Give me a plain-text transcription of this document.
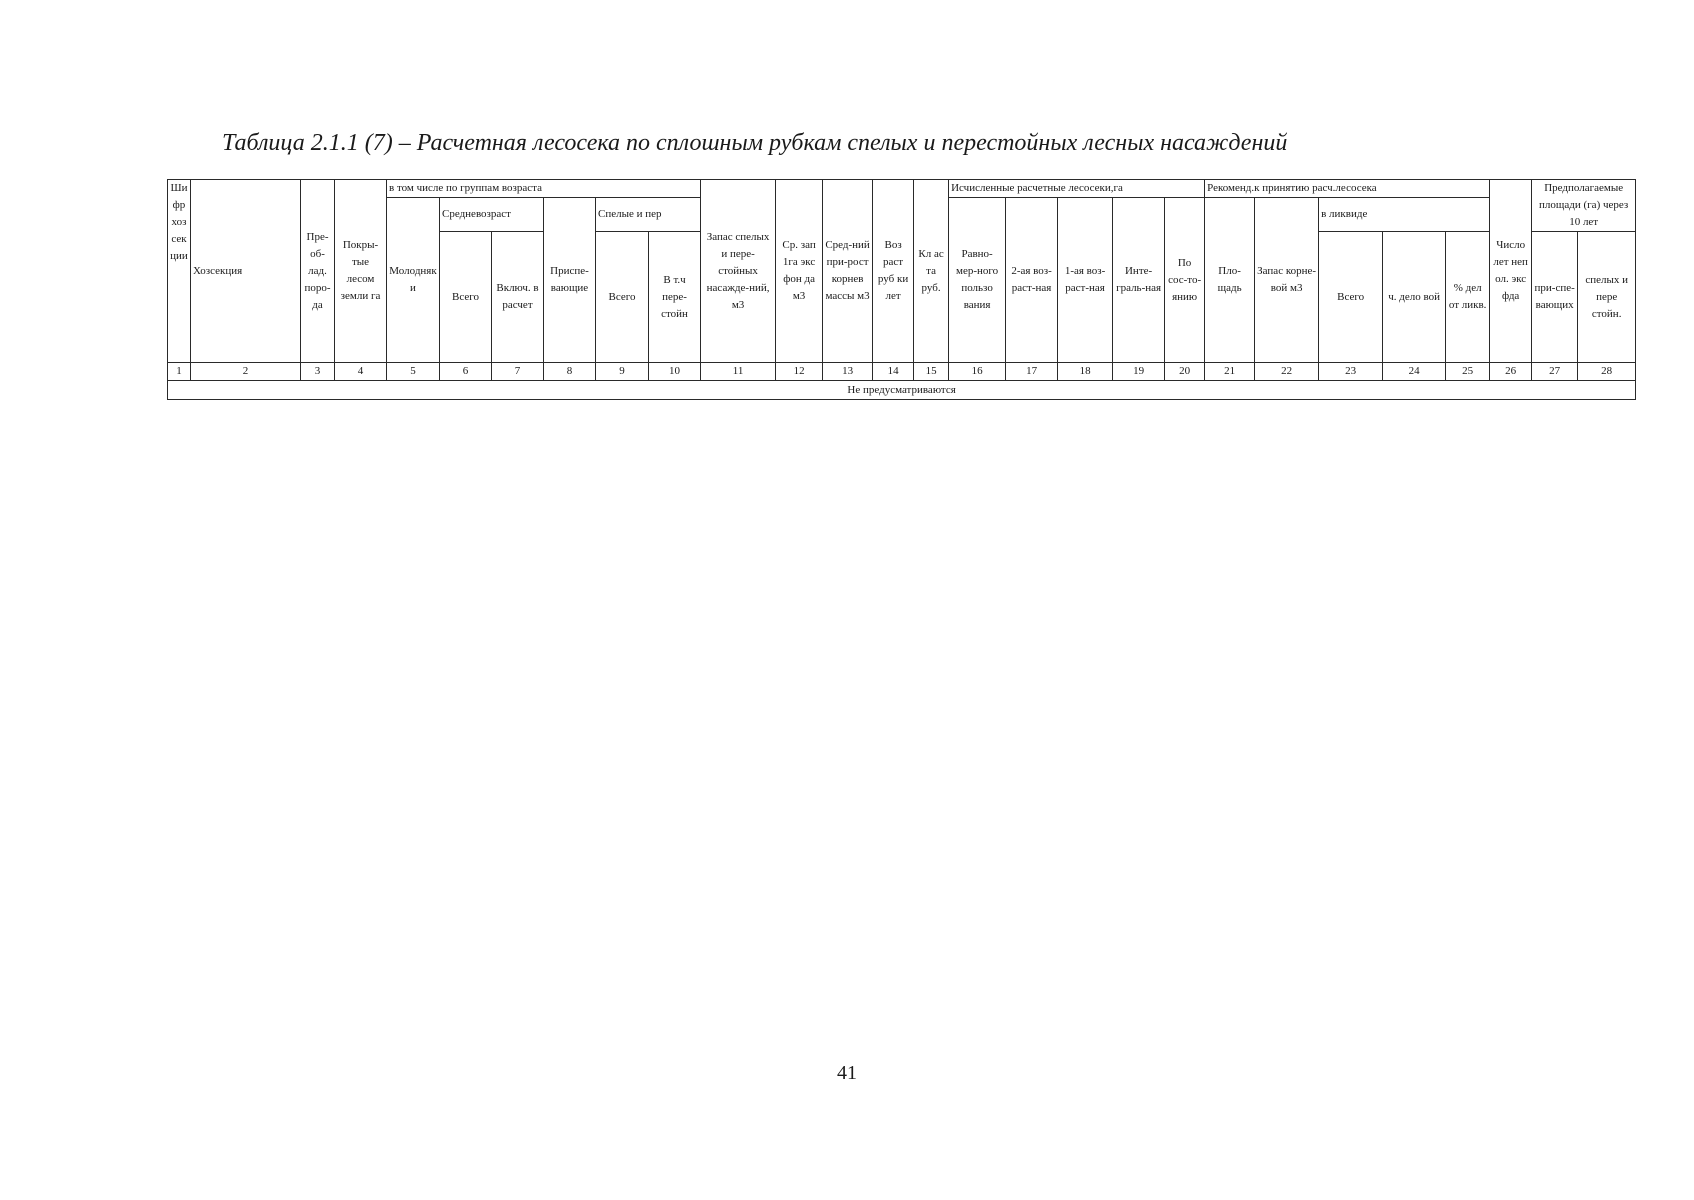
Таблица 2.1.1 (7) – Расчетная лесосека по сплошным рубкам спелых и перестойных лесных насаждений
Шифр хозсекции	Хозсекция	Пре-об-лад. поро-да	Покры-тые лесом земли га	в том числе по группам возраста						Запас спелых и пере-стойных насажде-ний, м3	Ср. зап 1га экс фон да м3	Сред-ний при-рост корнев массы м3	Воз раст руб ки лет	Кл ас та руб.	Исчисленные расчетные лесосеки,га					Рекоменд.к принятию расч.лесосека					Число лет неп ол. экс фда	Предполагаемые площади (га) через 10 лет	
				Молодняки	Средневозраст		Приспе-вающие	Спелые и пер							Равно-мер-ного пользо вания	2-ая воз-раст-ная	1-ая воз-раст-ная	Инте-граль-ная	По сос-то-янию	Пло-щадь	Запас корне- вой м3	в ликвиде					
					Всего	Включ. в расчет		Всего	В т.ч пере-стойн													Всего	ч. дело вой	% дел от ликв.		при-спе-вающих	спелых и пере стойн.
1	2	3	4	5	6	7	8	9	10	11	12	13	14	15	16	17	18	19	20	21	22	23	24	25	26	27	28
Не предусматриваются																											
41
